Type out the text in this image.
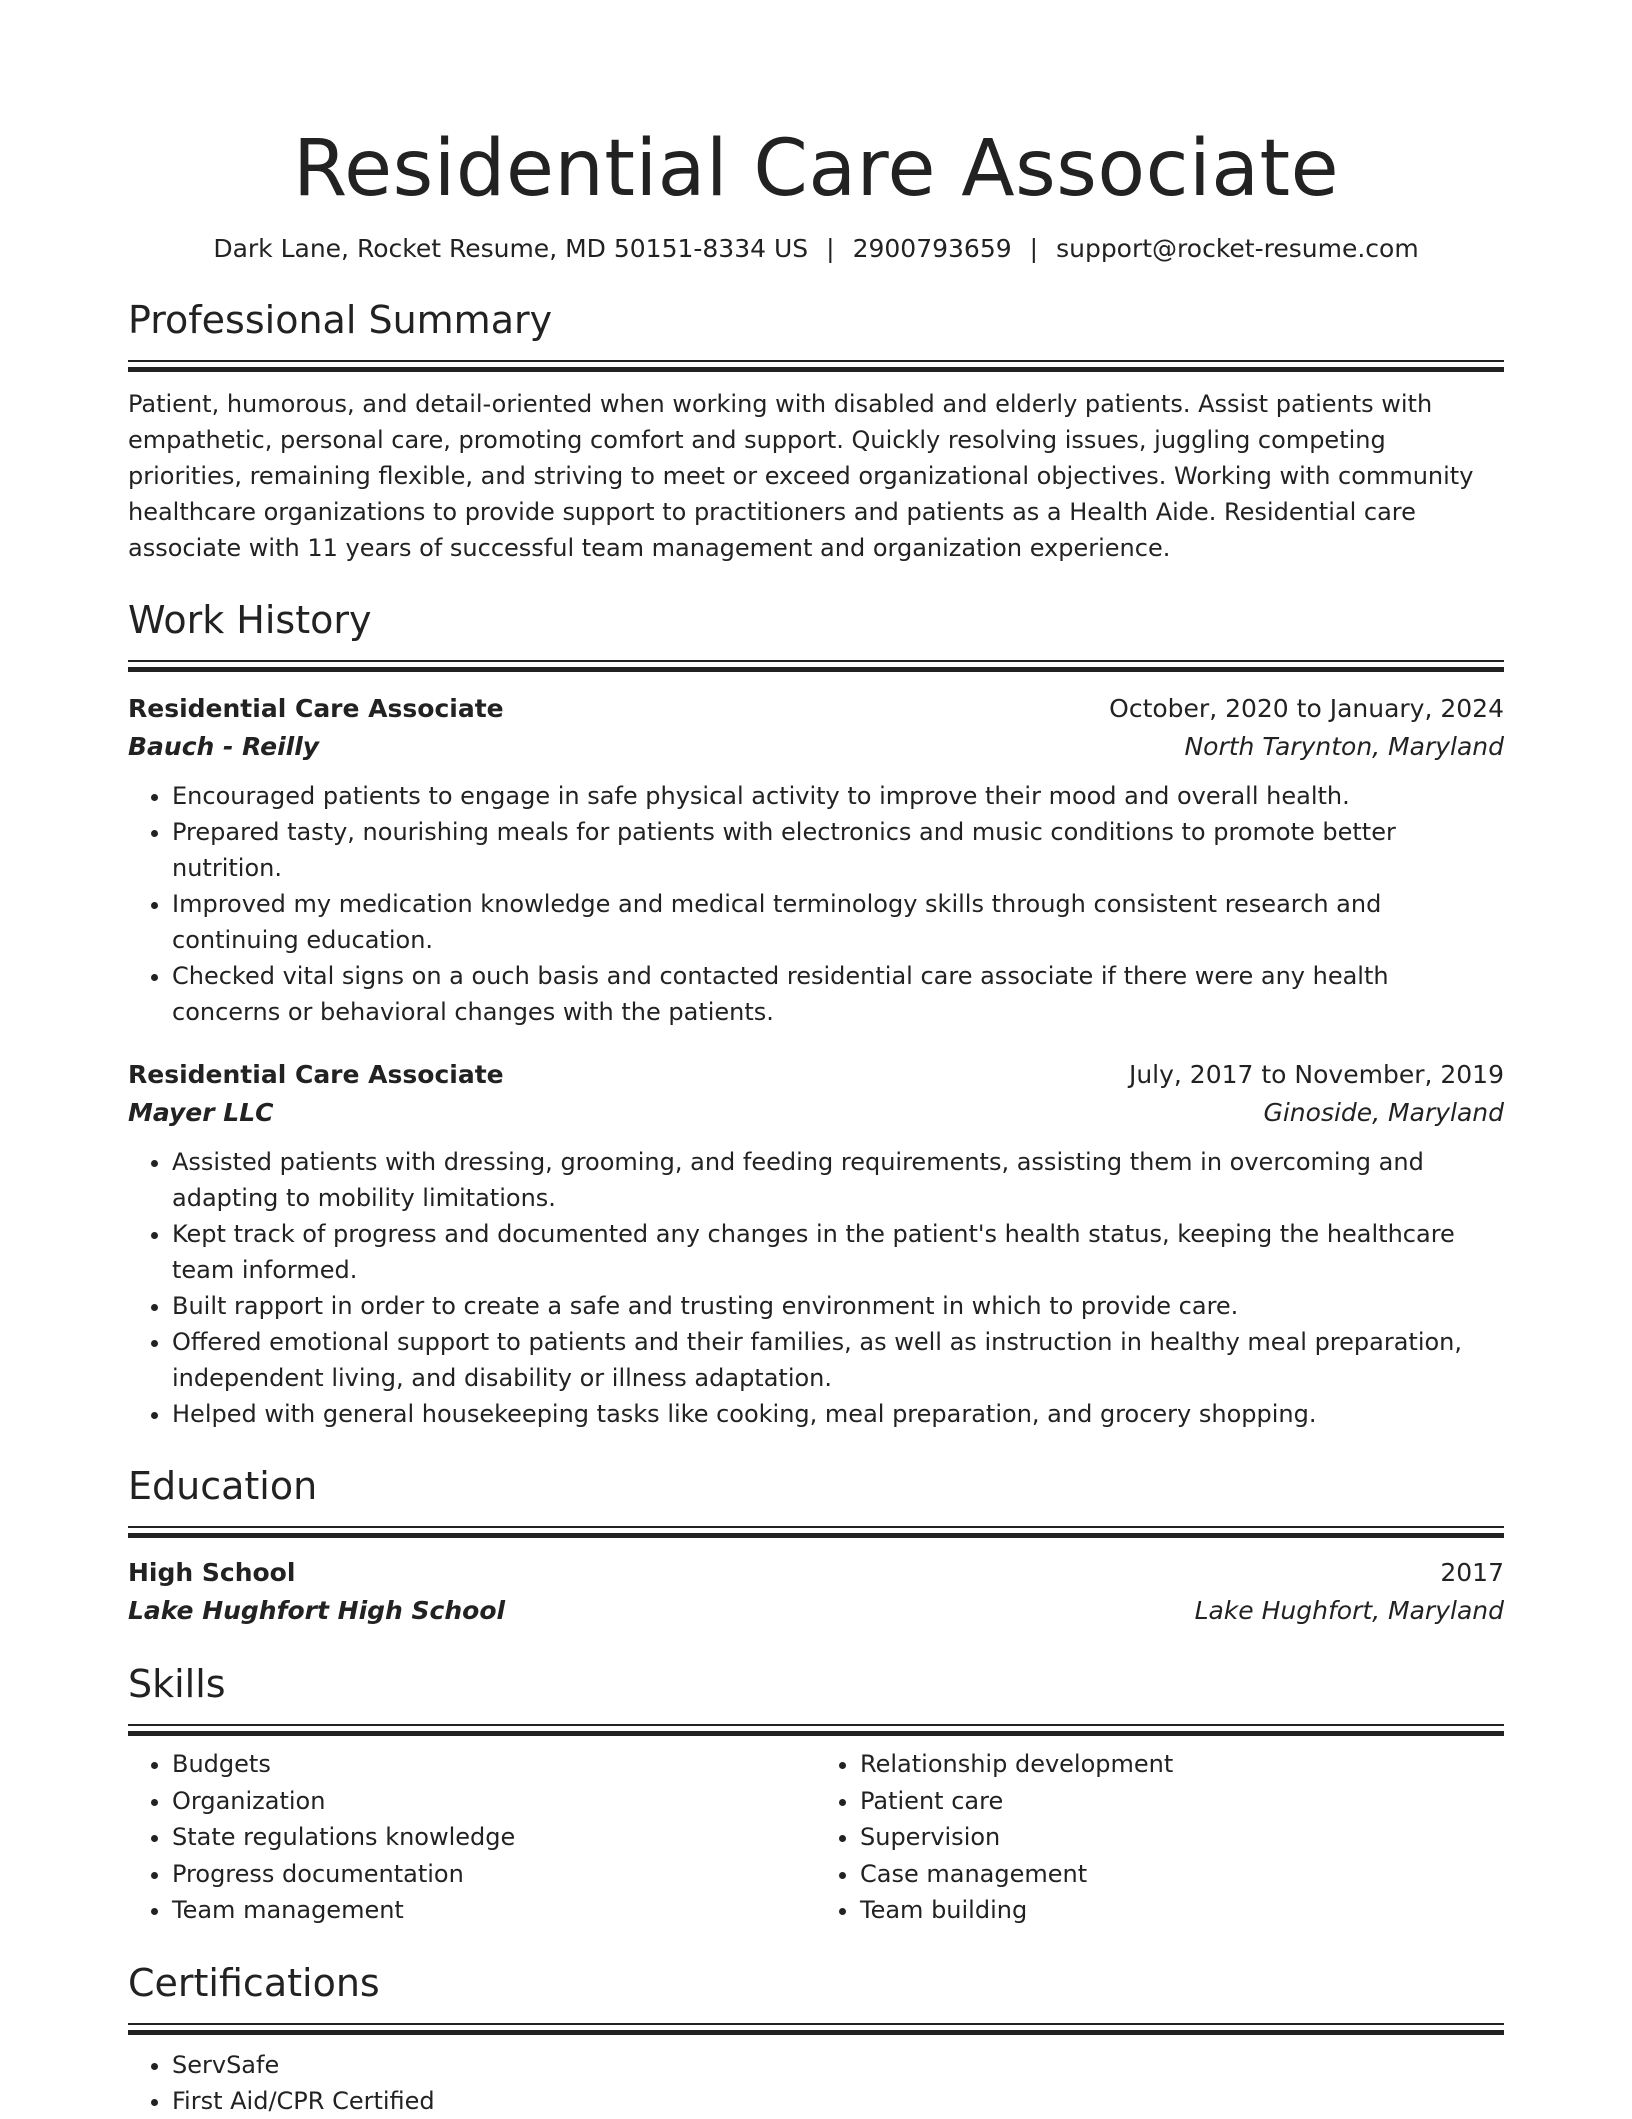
Residential Care Associate
Dark Lane, Rocket Resume, MD 50151-8334 US | 2900793659 | support@rocket-resume.com
Professional Summary

Patient, humorous, and detail-oriented when working with disabled and elderly patients. Assist patients with empathetic, personal care, promoting comfort and support. Quickly resolving issues, juggling competing priorities, remaining flexible, and striving to meet or exceed organizational objectives. Working with community healthcare organizations to provide support to practitioners and patients as a Health Aide. Residential care associate with 11 years of successful team management and organization experience.

Work History
Residential Care Associate	October, 2020 to January, 2024
Bauch - Reilly	North Tarynton, Maryland
• Encouraged patients to engage in safe physical activity to improve their mood and overall health.
• Prepared tasty, nourishing meals for patients with electronics and music conditions to promote better nutrition.
• Improved my medication knowledge and medical terminology skills through consistent research and continuing education.
• Checked vital signs on a ouch basis and contacted residential care associate if there were any health concerns or behavioral changes with the patients.
Residential Care Associate	July, 2017 to November, 2019
Mayer LLC	Ginoside, Maryland
• Assisted patients with dressing, grooming, and feeding requirements, assisting them in overcoming and adapting to mobility limitations.
• Kept track of progress and documented any changes in the patient's health status, keeping the healthcare team informed.
• Built rapport in order to create a safe and trusting environment in which to provide care.
• Offered emotional support to patients and their families, as well as instruction in healthy meal preparation, independent living, and disability or illness adaptation.
• Helped with general housekeeping tasks like cooking, meal preparation, and grocery shopping.
Education
High School	2017
Lake Hughfort High School	Lake Hughfort, Maryland
Skills
• Budgets
• Organization
• State regulations knowledge
• Progress documentation
• Team management
• Relationship development
• Patient care
• Supervision
• Case management
• Team building
Certifications
• ServSafe
• First Aid/CPR Certified
